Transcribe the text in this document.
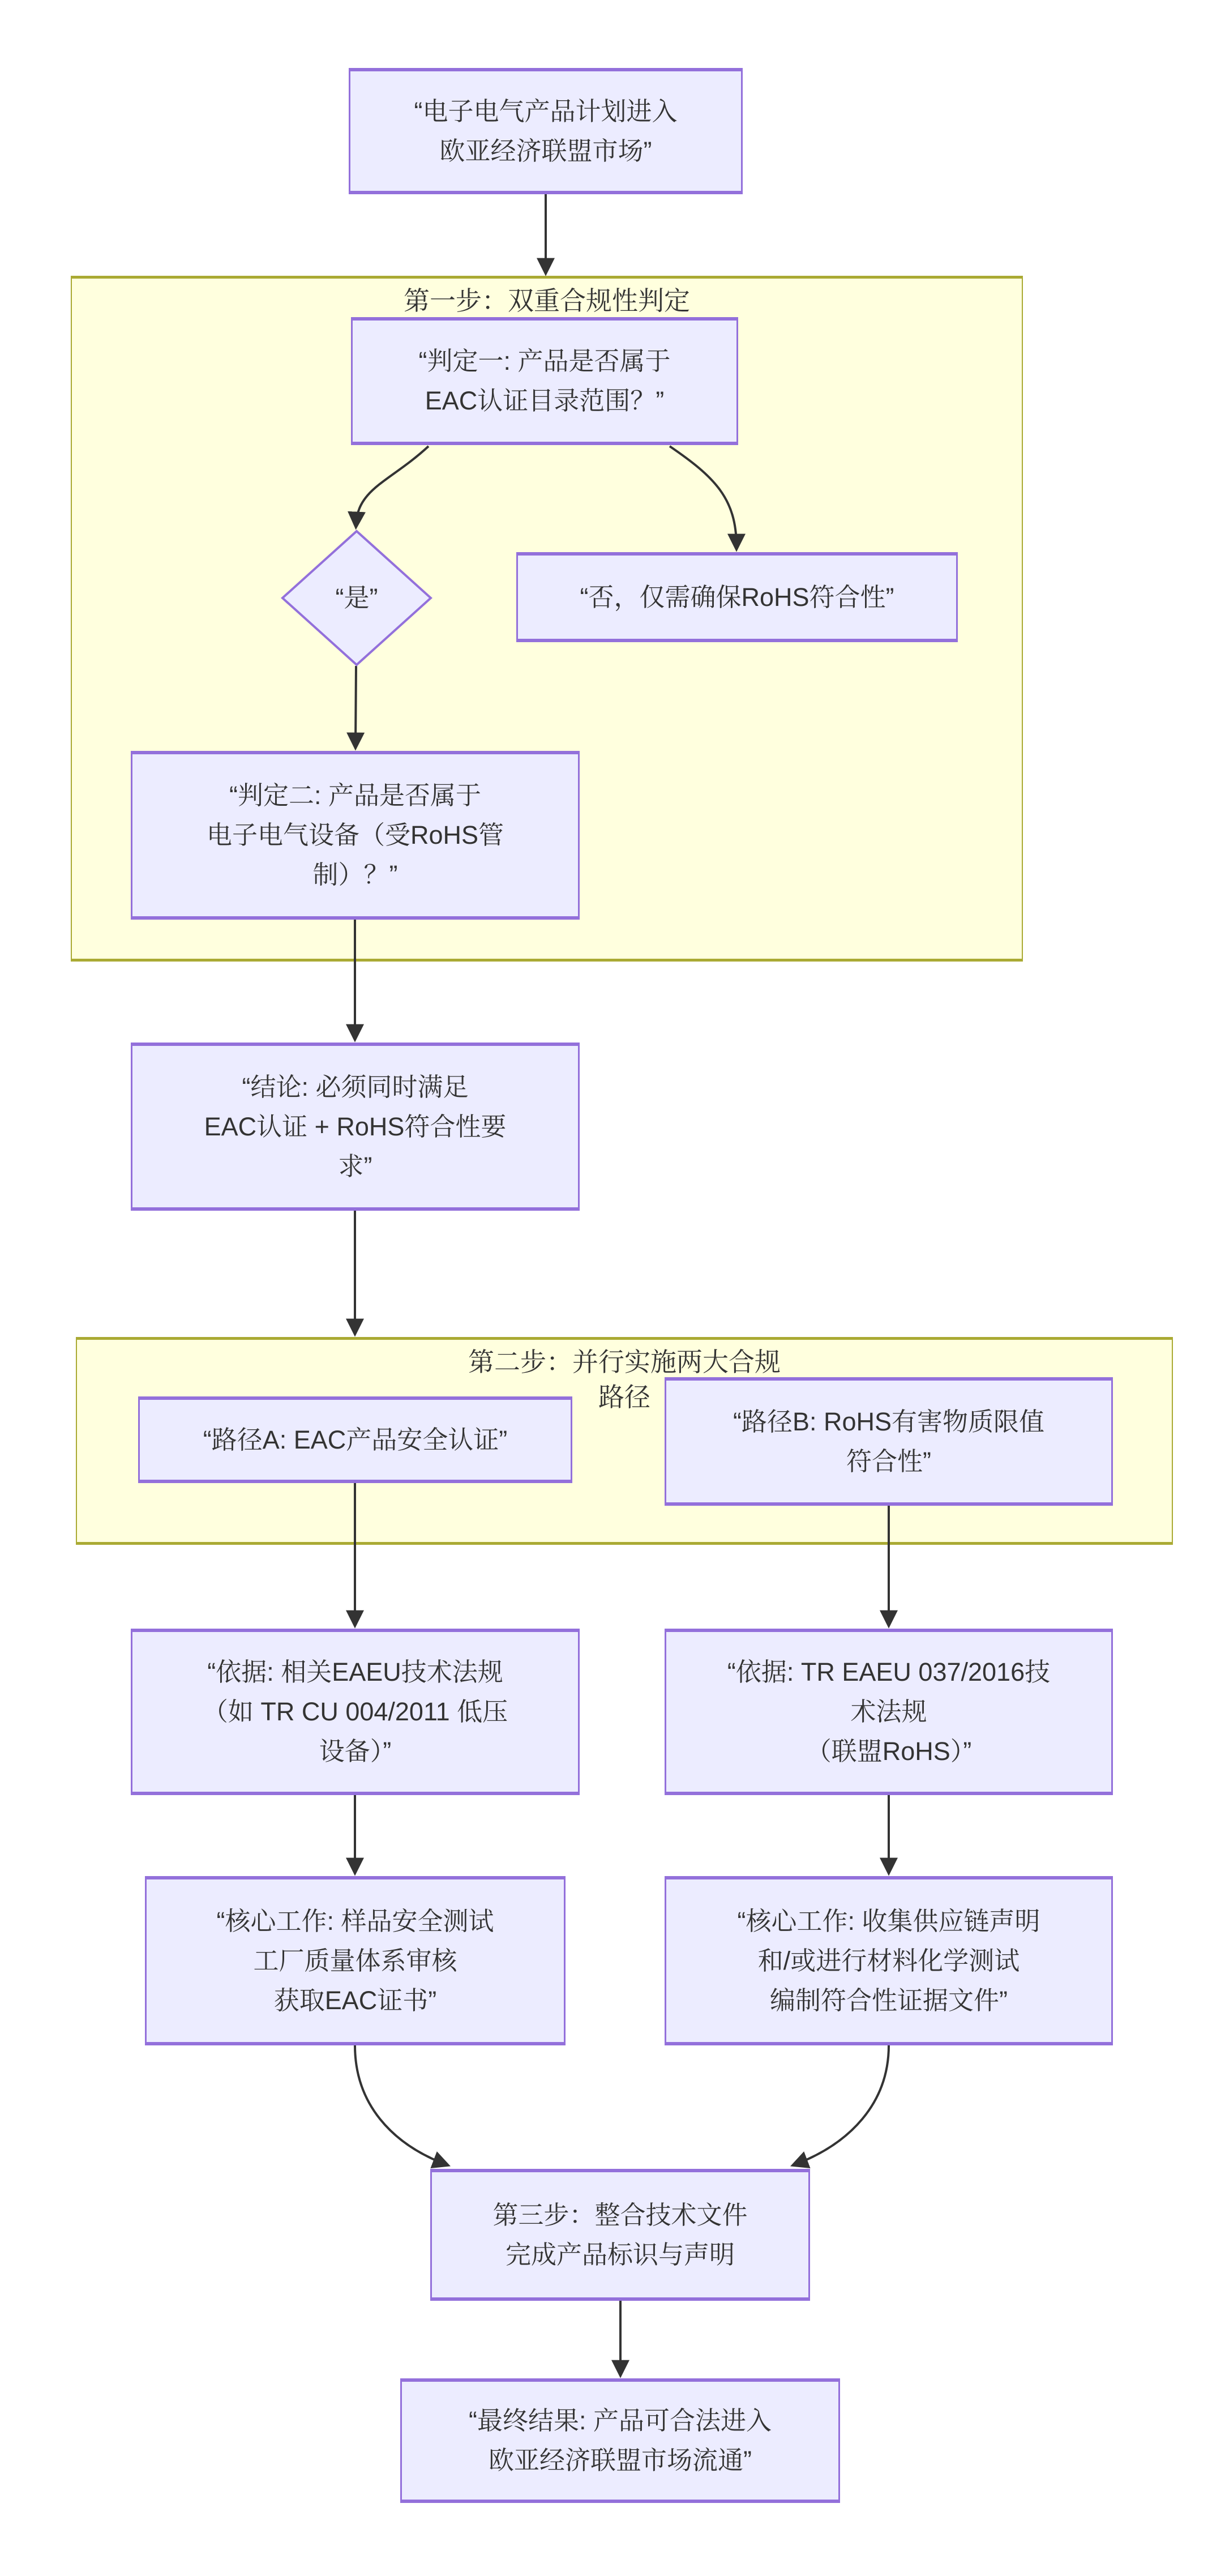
第一步：双重合规性判定
第二步：并行实施两大合规
路径
“电子电气产品计划进入
欧亚经济联盟市场”
“判定一: 产品是否属于
EAC认证目录范围？”
“是”	“否，仅需确保RoHS符合性”
“判定二: 产品是否属于
电子电气设备（受RoHS管
制）？”
“结论: 必须同时满足
EAC认证 + RoHS符合性要
求”
“路径A: EAC产品安全认证”
“路径B: RoHS有害物质限值
符合性”
“依据: 相关EAEU技术法规
（如 TR CU 004/2011 低压
设备）”
“依据: TR EAEU 037/2016技
术法规
（联盟RoHS）”
“核心工作: 样品安全测试
工厂质量体系审核
获取EAC证书”
“核心工作: 收集供应链声明
和/或进行材料化学测试
编制符合性证据文件”
第三步：整合技术文件
完成产品标识与声明
“最终结果: 产品可合法进入
欧亚经济联盟市场流通”
